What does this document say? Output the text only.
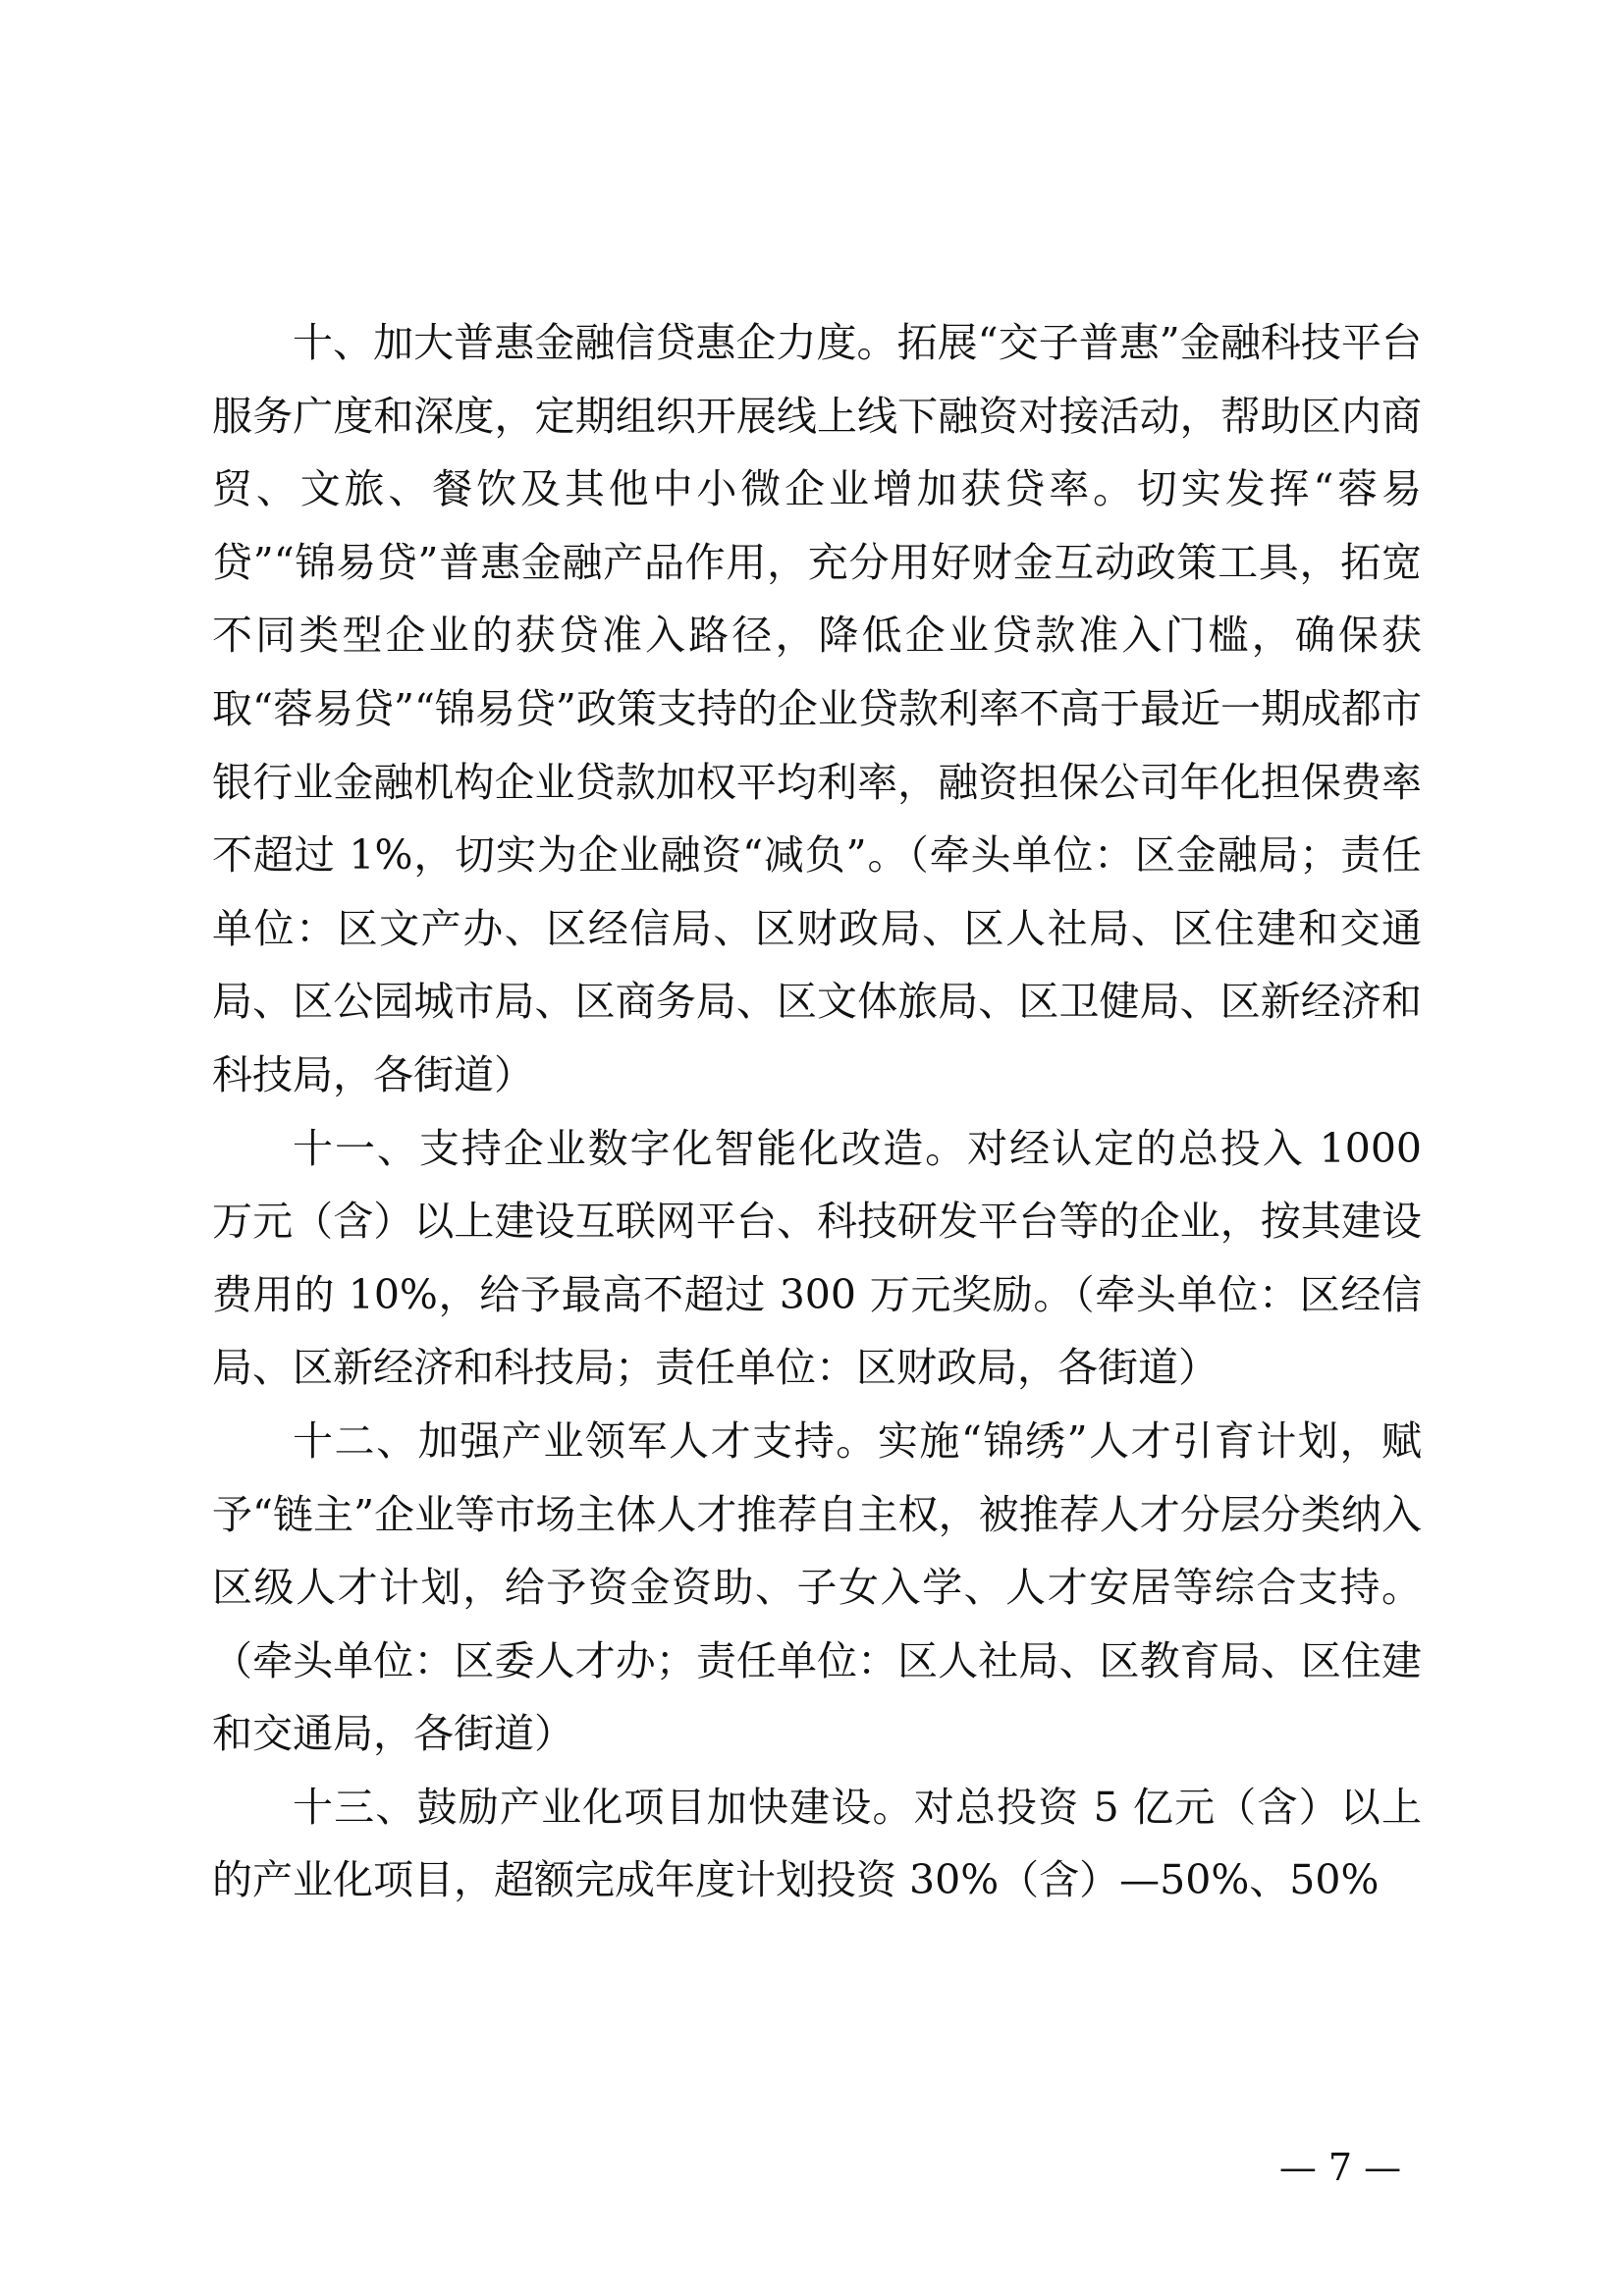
十、加大普惠金融信贷惠企力度。拓展“交子普惠”金融科技平台服务广度和深度，定期组织开展线上线下融资对接活动，帮助区内商贸、文旅、餐饮及其他中小微企业增加获贷率。切实发挥“蓉易贷”“锦易贷”普惠金融产品作用，充分用好财金互动政策工具，拓宽不同类型企业的获贷准入路径，降低企业贷款准入门槛，确保获取“蓉易贷”“锦易贷”政策支持的企业贷款利率不高于最近一期成都市银行业金融机构企业贷款加权平均利率，融资担保公司年化担保费率不超过 1%，切实为企业融资“减负”。（牵头单位：区金融局；责任单位：区文产办、区经信局、区财政局、区人社局、区住建和交通局、区公园城市局、区商务局、区文体旅局、区卫健局、区新经济和科技局，各街道）

十一、支持企业数字化智能化改造。对经认定的总投入 1000 万元（含）以上建设互联网平台、科技研发平台等的企业，按其建设费用的 10%，给予最高不超过 300 万元奖励。（牵头单位：区经信局、区新经济和科技局；责任单位：区财政局，各街道）

十二、加强产业领军人才支持。实施“锦绣”人才引育计划，赋予“链主”企业等市场主体人才推荐自主权，被推荐人才分层分类纳入区级人才计划，给予资金资助、子女入学、人才安居等综合支持。（牵头单位：区委人才办；责任单位：区人社局、区教育局、区住建和交通局，各街道）

十三、鼓励产业化项目加快建设。对总投资 5 亿元（含）以上的产业化项目，超额完成年度计划投资 30%（含）—50%、50%

— 7 —
